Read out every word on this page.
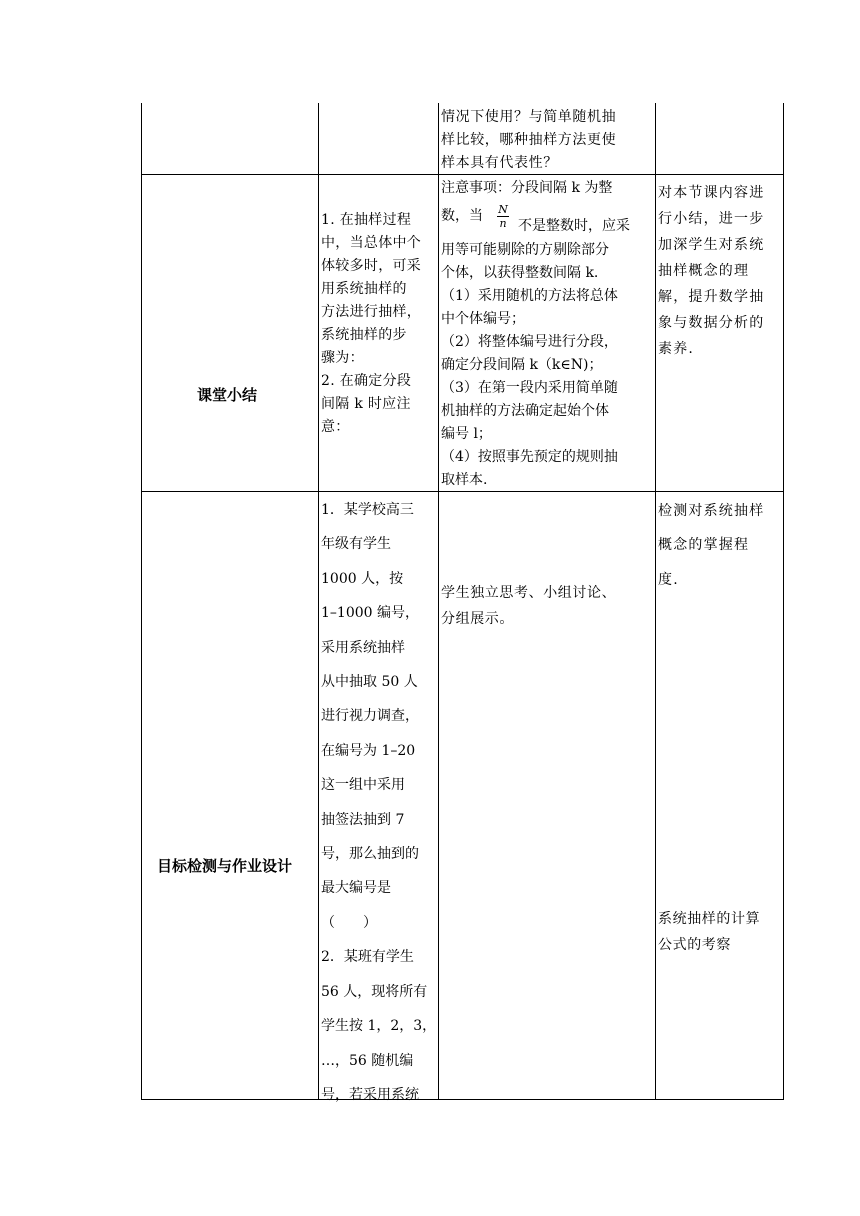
情况下使用？与简单随机抽
样比较，哪种抽样方法更使
样本具有代表性？
课堂小结
1. 在抽样过程
中，当总体中个
体较多时，可采
用系统抽样的
方法进行抽样，
系统抽样的步
骤为：
2. 在确定分段
间隔 k 时应注
意：
注意事项：分段间隔 k 为整
数，当 N
n 不是整数时，应采
用等可能剔除的方剔除部分
个体，以获得整数间隔 k.
（1）采用随机的方法将总体
中个体编号；
（2）将整体编号进行分段，
确定分段间隔 k（k∈N)；
（3）在第一段内采用简单随
机抽样的方法确定起始个体
编号 l；
（4）按照事先预定的规则抽
取样本.
对本节课内容进
行小结，进一步
加深学生对系统
抽样概念的理
解，提升数学抽
象与数据分析的
素养.
目标检测与作业设计
1．某学校高三
年级有学生
1000 人，按
1–1000 编号，
采用系统抽样
从中抽取 50 人
进行视力调查，
在编号为 1–20
这一组中采用
抽签法抽到 7
号，那么抽到的
最大编号是
（　　）
2．某班有学生
56 人，现将所有
学生按 1，2，3，
…，56 随机编
号，若采用系统
学生独立思考、小组讨论、
分组展示。
检测对系统抽样
概念的掌握程
度.
系统抽样的计算
公式的考察
